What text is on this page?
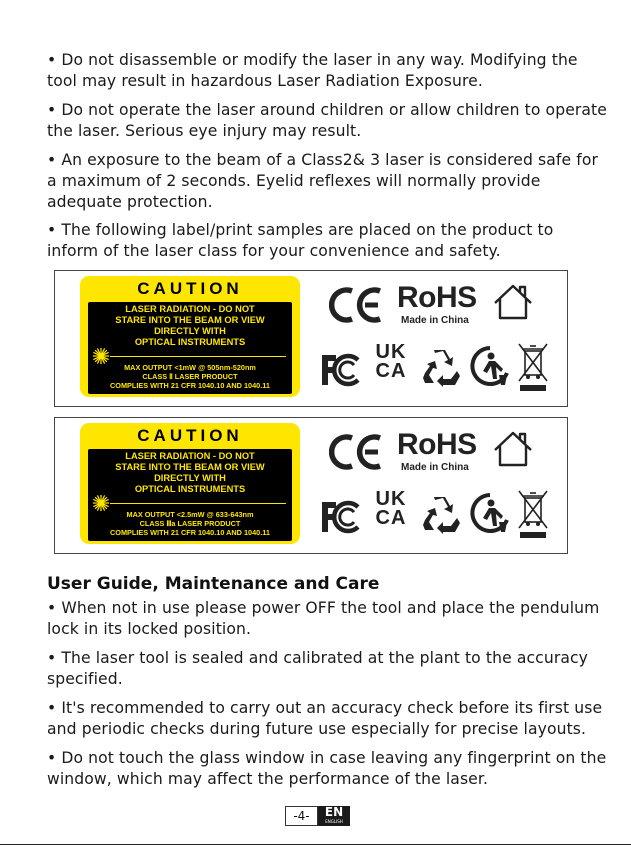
• Do not disassemble or modify the laser in any way. Modifying the tool may result in hazardous Laser Radiation Exposure.

• Do not operate the laser around children or allow children to operate the laser. Serious eye injury may result.

• An exposure to the beam of a Class2& 3 laser is considered safe for a maximum of 2 seconds. Eyelid reflexes will normally provide adequate protection.

• The following label/print samples are placed on the product to inform of the laser class for your convenience and safety.

CAUTION
LASER RADIATION - DO NOT
STARE INTO THE BEAM OR VIEW
DIRECTLY WITH
OPTICAL INSTRUMENTS
MAX OUTPUT <1mW @ 505nm-520nm
CLASS Ⅱ LASER PRODUCT
COMPLIES WITH 21 CFR 1040.10 AND 1040.11
RoHS
Made in China
UK
CA
CAUTION
LASER RADIATION - DO NOT
STARE INTO THE BEAM OR VIEW
DIRECTLY WITH
OPTICAL INSTRUMENTS
MAX OUTPUT <2.5mW @ 633-643nm
CLASS Ⅲa LASER PRODUCT
COMPLIES WITH 21 CFR 1040.10 AND 1040.11
RoHS
Made in China
UK
CA
User Guide, Maintenance and Care

• When not in use please power OFF the tool and place the pendulum lock in its locked position.

• The laser tool is sealed and calibrated at the plant to the accuracy specified.

• It's recommended to carry out an accuracy check before its first use and periodic checks during future use especially for precise layouts.

• Do not touch the glass window in case leaving any fingerprint on the window, which may affect the performance of the laser.

-4-	EN
ENGLISH
